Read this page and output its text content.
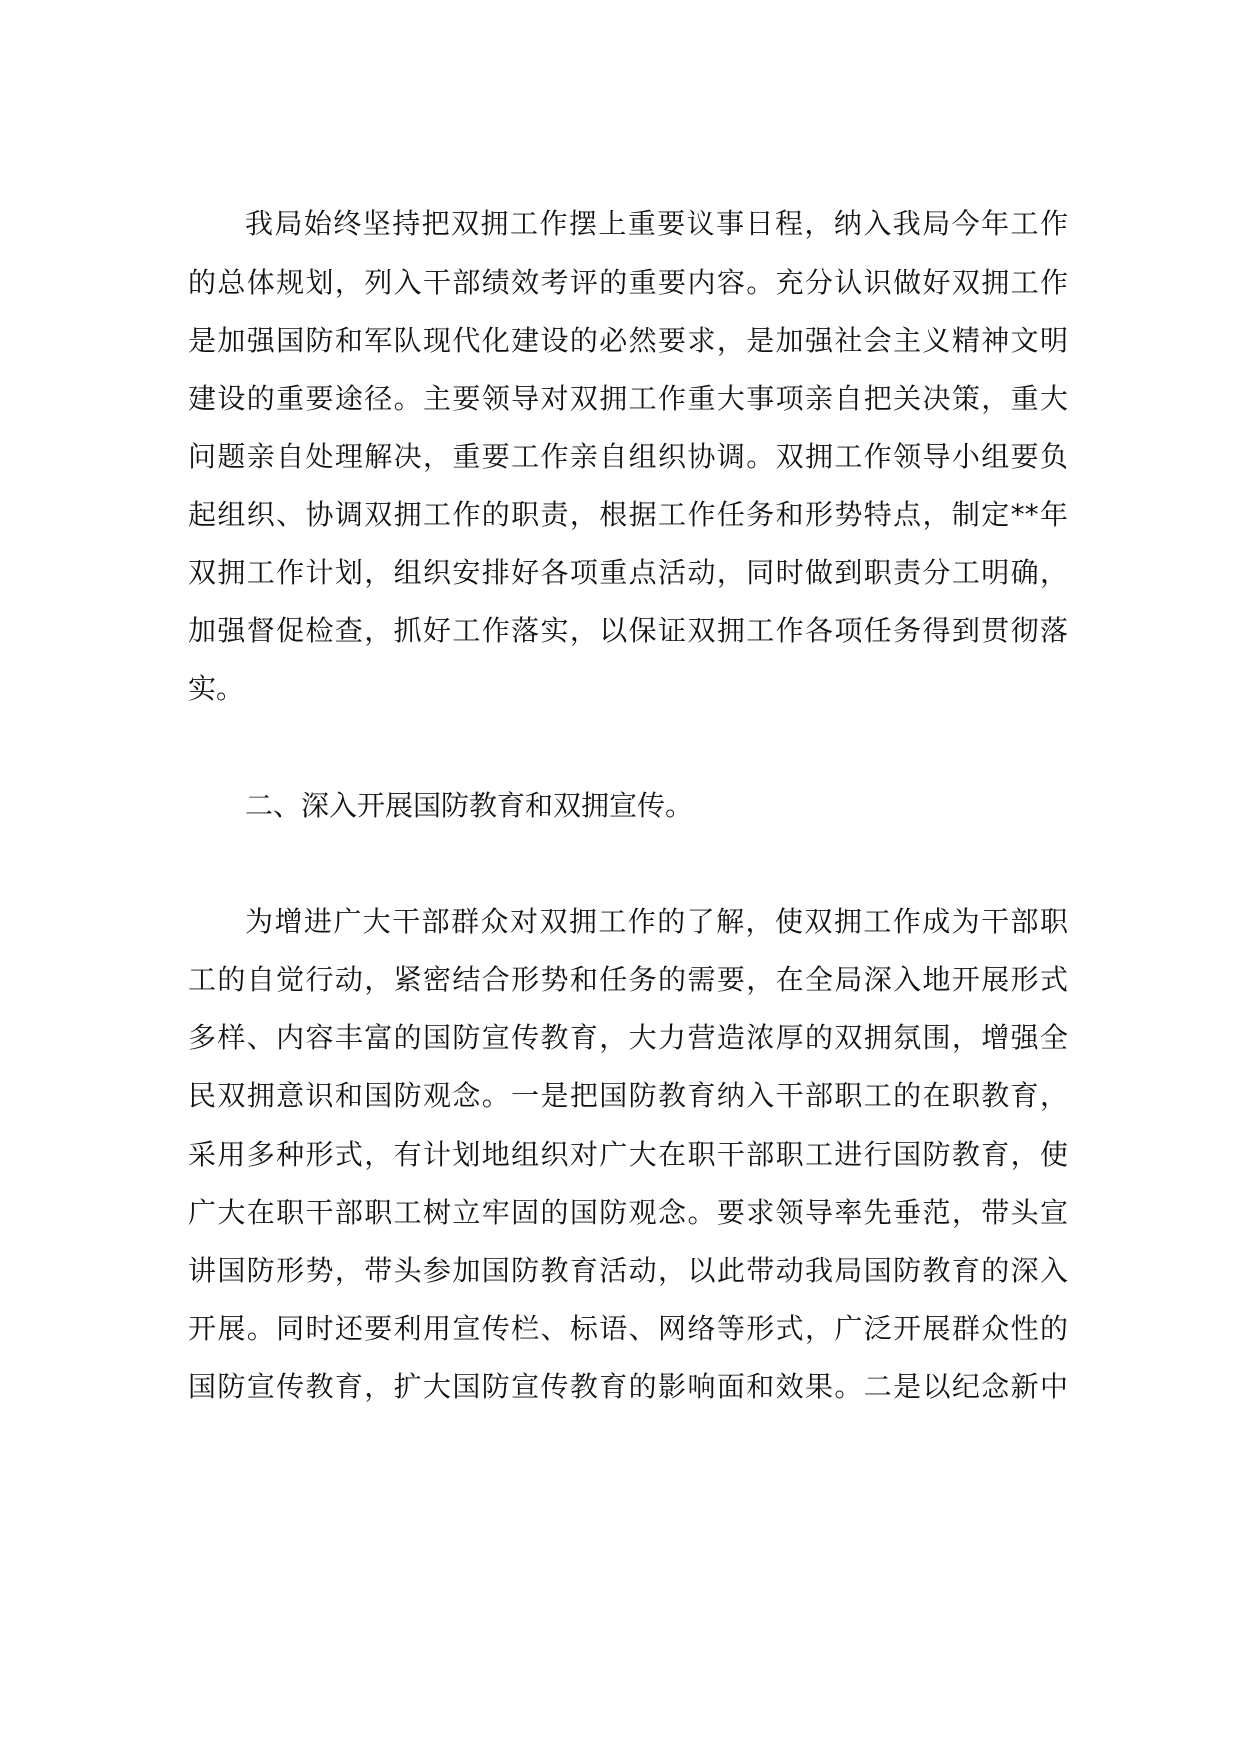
我局始终坚持把双拥工作摆上重要议事日程，纳入我局今年工作
的总体规划，列入干部绩效考评的重要内容。充分认识做好双拥工作
是加强国防和军队现代化建设的必然要求，是加强社会主义精神文明
建设的重要途径。主要领导对双拥工作重大事项亲自把关决策，重大
问题亲自处理解决，重要工作亲自组织协调。双拥工作领导小组要负
起组织、协调双拥工作的职责，根据工作任务和形势特点，制定**年
双拥工作计划，组织安排好各项重点活动，同时做到职责分工明确，
加强督促检查，抓好工作落实，以保证双拥工作各项任务得到贯彻落
实。
二、深入开展国防教育和双拥宣传。
为增进广大干部群众对双拥工作的了解，使双拥工作成为干部职
工的自觉行动，紧密结合形势和任务的需要，在全局深入地开展形式
多样、内容丰富的国防宣传教育，大力营造浓厚的双拥氛围，增强全
民双拥意识和国防观念。一是把国防教育纳入干部职工的在职教育，
采用多种形式，有计划地组织对广大在职干部职工进行国防教育，使
广大在职干部职工树立牢固的国防观念。要求领导率先垂范，带头宣
讲国防形势，带头参加国防教育活动，以此带动我局国防教育的深入
开展。同时还要利用宣传栏、标语、网络等形式，广泛开展群众性的
国防宣传教育，扩大国防宣传教育的影响面和效果。二是以纪念新中
